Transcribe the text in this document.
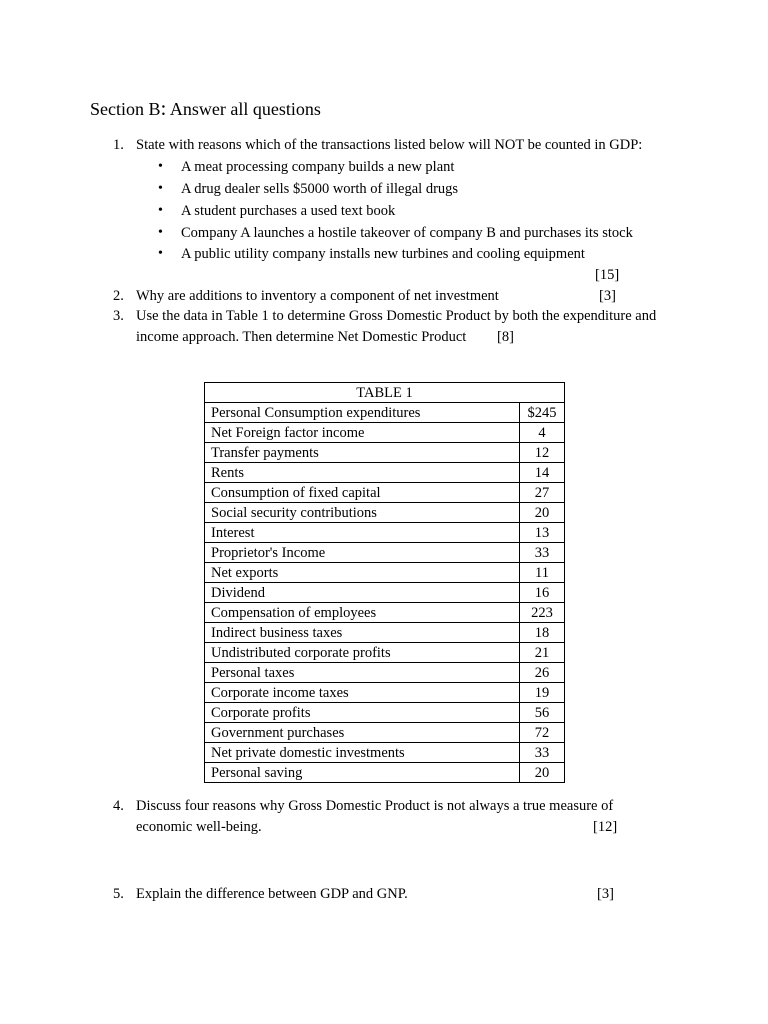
Section B: Answer all questions
1. State with reasons which of the transactions listed below will NOT be counted in GDP:
• A meat processing company builds a new plant
• A drug dealer sells $5000 worth of illegal drugs
• A student purchases a used text book
• Company A launches a hostile takeover of company B and purchases its stock
• A public utility company installs new turbines and cooling equipment
[15]
2. Why are additions to inventory a component of net investment	[3]
3. Use the data in Table 1 to determine Gross Domestic Product by both the expenditure and
income approach. Then determine Net Domestic Product [8]
TABLE 1	
Personal Consumption expenditures	$245
Net Foreign factor income	4
Transfer payments	12
Rents	14
Consumption of fixed capital	27
Social security contributions	20
Interest	13
Proprietor's Income	33
Net exports	11
Dividend	16
Compensation of employees	223
Indirect business taxes	18
Undistributed corporate profits	21
Personal taxes	26
Corporate income taxes	19
Corporate profits	56
Government purchases	72
Net private domestic investments	33
Personal saving	20
4. Discuss four reasons why Gross Domestic Product is not always a true measure of
economic well-being.	[12]
5. Explain the difference between GDP and GNP.	[3]
